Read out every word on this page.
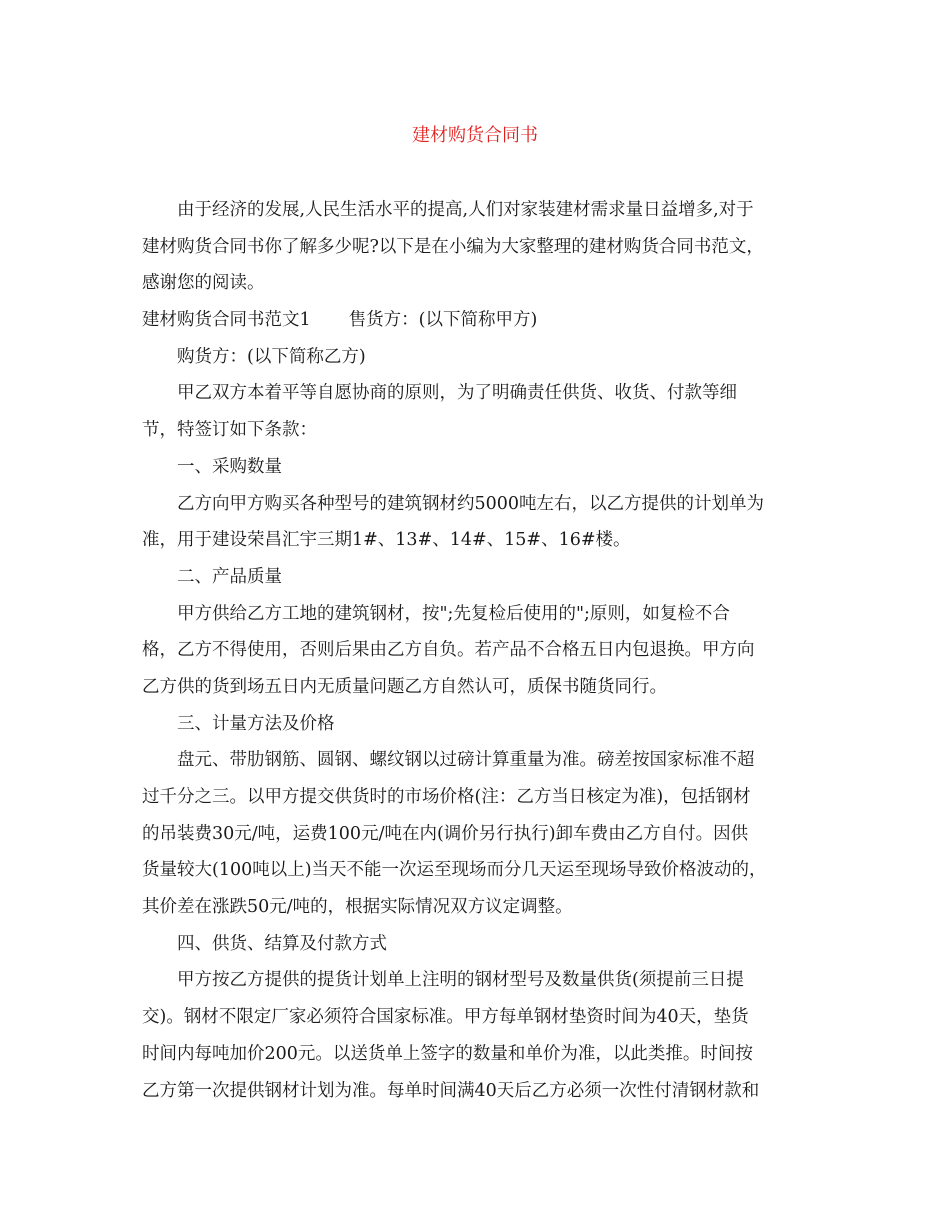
建材购货合同书
由于经济的发展,人民生活水平的提高,人们对家装建材需求量日益增多,对于
建材购货合同书你了解多少呢?以下是在小编为大家整理的建材购货合同书范文，
感谢您的阅读。
建材购货合同书范文1 售货方：(以下简称甲方)
购货方：(以下简称乙方)
甲乙双方本着平等自愿协商的原则，为了明确责任供货、收货、付款等细
节，特签订如下条款：
一、采购数量
乙方向甲方购买各种型号的建筑钢材约5000吨左右，以乙方提供的计划单为
准，用于建设荣昌汇宇三期1#、13#、14#、15#、16#楼。
二、产品质量
甲方供给乙方工地的建筑钢材，按";先复检后使用的";原则，如复检不合
格，乙方不得使用，否则后果由乙方自负。若产品不合格五日内包退换。甲方向
乙方供的货到场五日内无质量问题乙方自然认可，质保书随货同行。
三、计量方法及价格
盘元、带肋钢筋、圆钢、螺纹钢以过磅计算重量为准。磅差按国家标准不超
过千分之三。以甲方提交供货时的市场价格(注：乙方当日核定为准)，包括钢材
的吊装费30元/吨，运费100元/吨在内(调价另行执行)卸车费由乙方自付。因供
货量较大(100吨以上)当天不能一次运至现场而分几天运至现场导致价格波动的，
其价差在涨跌50元/吨的，根据实际情况双方议定调整。
四、供货、结算及付款方式
甲方按乙方提供的提货计划单上注明的钢材型号及数量供货(须提前三日提
交)。钢材不限定厂家必须符合国家标准。甲方每单钢材垫资时间为40天，垫货
时间内每吨加价200元。以送货单上签字的数量和单价为准，以此类推。时间按
乙方第一次提供钢材计划为准。每单时间满40天后乙方必须一次性付清钢材款和
